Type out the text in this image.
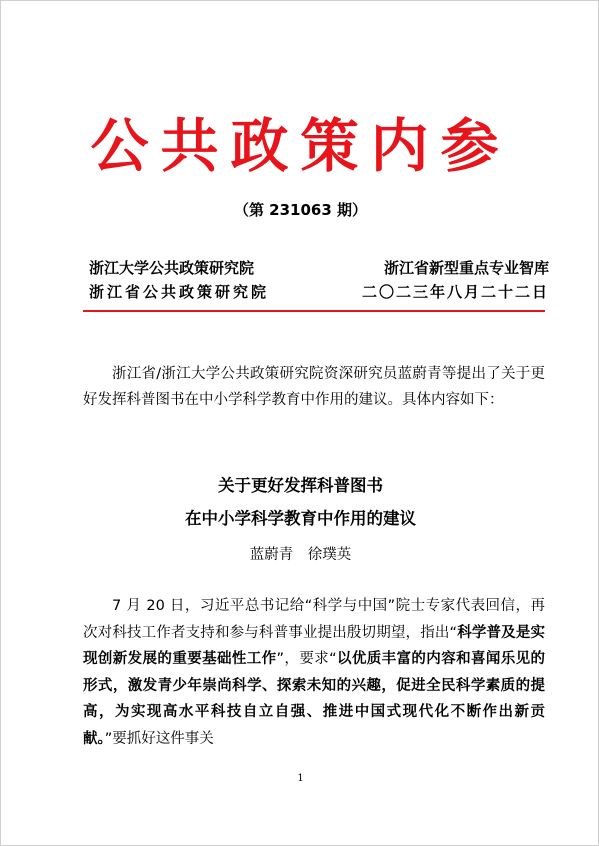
公共政策内参
（第 231063 期）
浙江大学公共政策研究院	浙江省新型重点专业智库
浙江省公共政策研究院	二〇二三年八月二十二日

浙江省/浙江大学公共政策研究院资深研究员蓝蔚青等提出了关于更好发挥科普图书在中小学科学教育中作用的建议。具体内容如下：

关于更好发挥科普图书
在中小学科学教育中作用的建议
蓝蔚青　徐璞英

7 月 20 日，习近平总书记给“科学与中国”院士专家代表回信，再次对科技工作者支持和参与科普事业提出殷切期望，指出“科学普及是实现创新发展的重要基础性工作”，要求“以优质丰富的内容和喜闻乐见的形式，激发青少年崇尚科学、探索未知的兴趣，促进全民科学素质的提高，为实现高水平科技自立自强、推进中国式现代化不断作出新贡献。”要抓好这件事关

1
